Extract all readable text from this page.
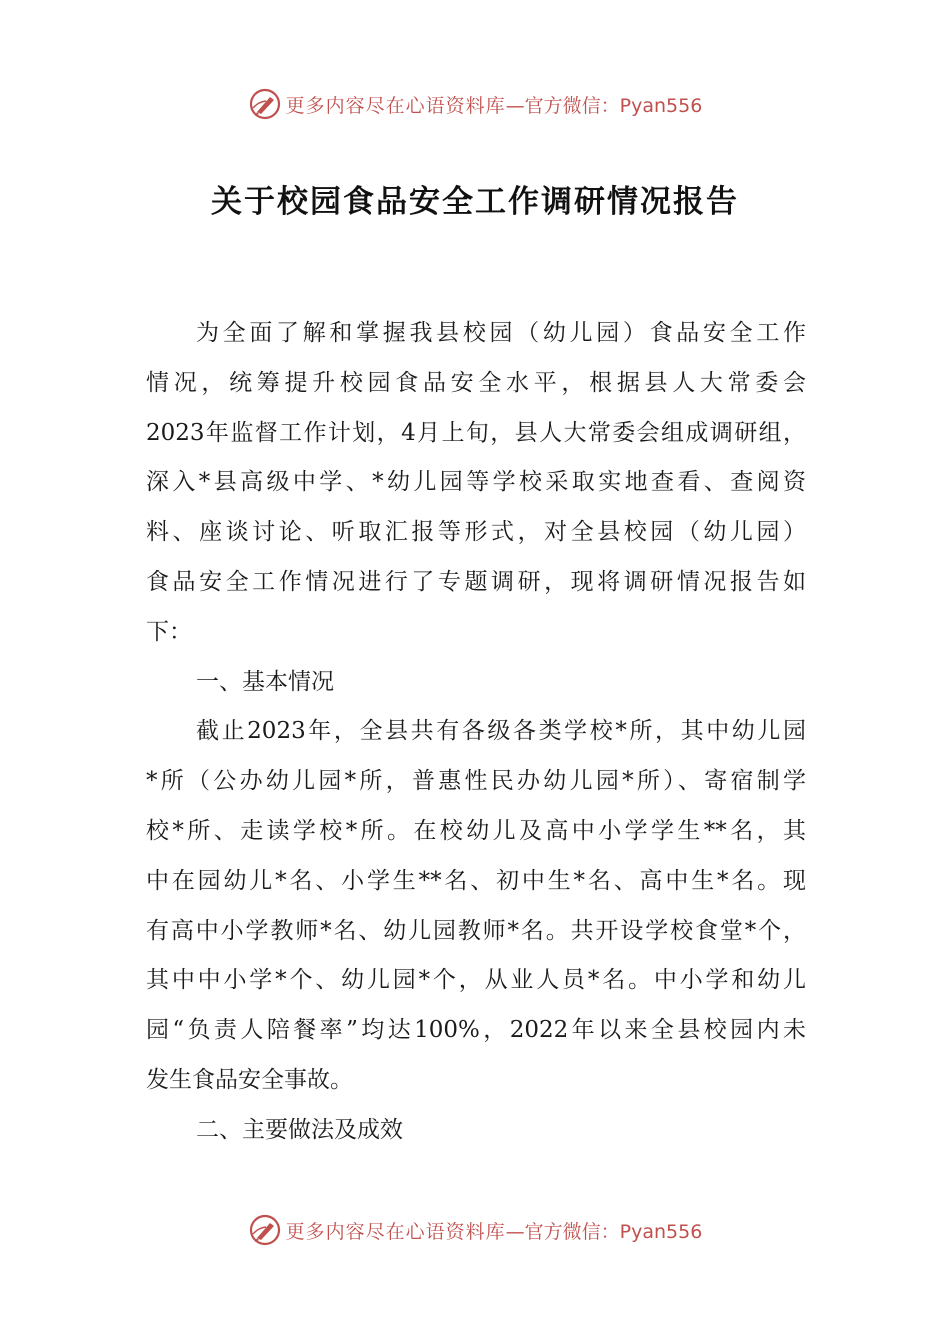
更多内容尽在心语资料库 —官方微信：Pyan556
关于校园食品安全工作调研情况报告
为全面了解和掌握我县校园（幼儿园）食品安全工作
情况，统筹提升校园食品安全水平，根据县人大常委会
2023年监督工作计划，4月上旬，县人大常委会组成调研组，
深入*县高级中学、*幼儿园等学校采取实地查看、查阅资
料、座谈讨论、听取汇报等形式，对全县校园（幼儿园）
食品安全工作情况进行了专题调研，现将调研情况报告如
下：
一、基本情况
截止2023年，全县共有各级各类学校*所，其中幼儿园
*所（公办幼儿园*所，普惠性民办幼儿园*所）、寄宿制学
校*所、走读学校*所。在校幼儿及高中小学学生**名，其
中在园幼儿*名、小学生**名、初中生*名、高中生*名。现
有高中小学教师*名、幼儿园教师*名。共开设学校食堂*个，
其中中小学*个、幼儿园*个，从业人员*名。中小学和幼儿
园“负责人陪餐率”均达100%，2022年以来全县校园内未
发生食品安全事故。
二、主要做法及成效
更多内容尽在心语资料库 —官方微信：Pyan556
